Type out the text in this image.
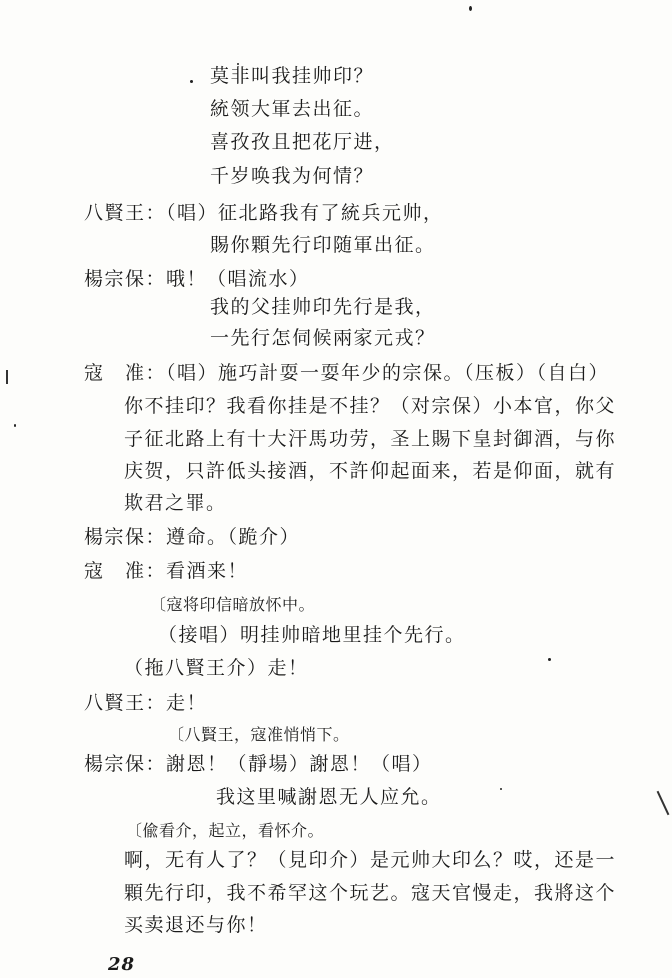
莫非叫我挂帅印？
統领大軍去出征。
喜孜孜且把花厅进，
千岁唤我为何情？
八賢王：（唱）征北路我有了統兵元帅，
賜你顆先行印随軍出征。
楊宗保：哦！（唱流水）
我的父挂帅印先行是我，
一先行怎伺候兩家元戎？
寇　准：（唱）施巧計耍一耍年少的宗保。（压板）（自白）
你不挂印？我看你挂是不挂？（对宗保）小本官，你父
子征北路上有十大汗馬功劳，圣上賜下皇封御酒，与你
庆贺，只許低头接酒，不許仰起面来，若是仰面，就有
欺君之罪。
楊宗保：遵命。（跪介）
寇　准：看酒来！
〔寇将印信暗放怀中。
（接唱）明挂帅暗地里挂个先行。
（拖八賢王介）走！
八賢王：走！
〔八賢王，寇准悄悄下。
楊宗保：謝恩！（靜場）謝恩！（唱）
我这里喊謝恩无人应允。
〔偸看介，起立，看怀介。
啊，无有人了？（見印介）是元帅大印么？哎，还是一
顆先行印，我不希罕这个玩艺。寇天官慢走，我將这个
买卖退还与你！
28
